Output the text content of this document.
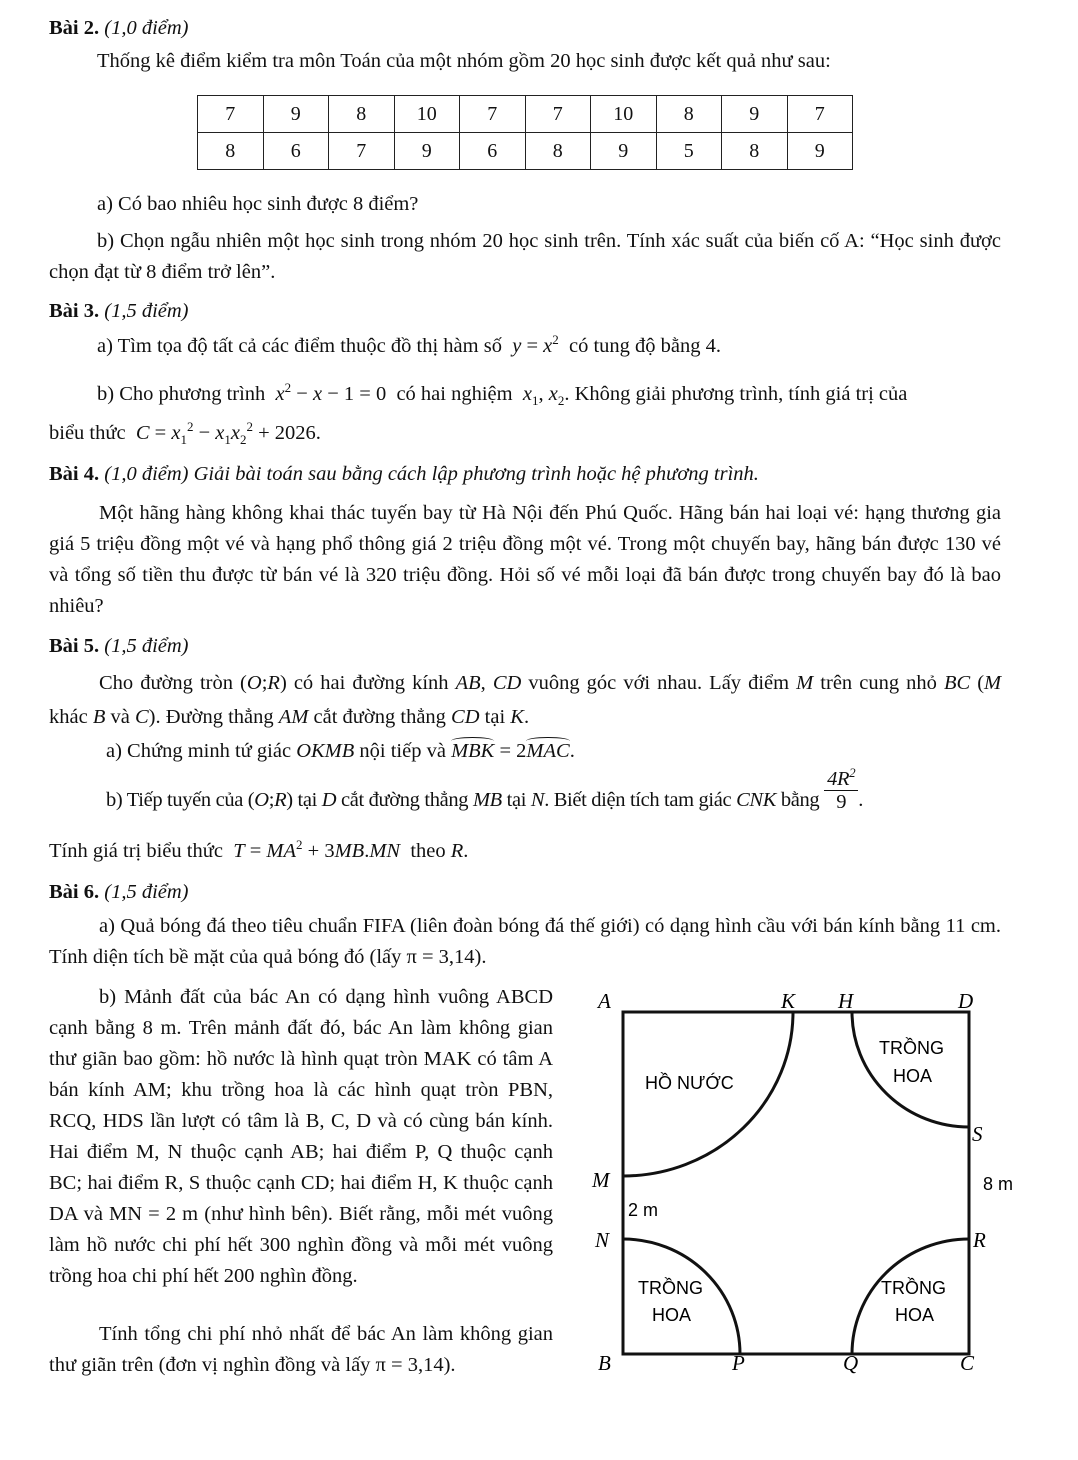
Bài 2. (1,0 điểm)
Thống kê điểm kiểm tra môn Toán của một nhóm gồm 20 học sinh được kết quả như sau:
7	9	8	10	7	7	10	8	9	7
8	6	7	9	6	8	9	5	8	9
a) Có bao nhiêu học sinh được 8 điểm?
b) Chọn ngẫu nhiên một học sinh trong nhóm 20 học sinh trên. Tính xác suất của biến cố A: “Học sinh được chọn đạt từ 8 điểm trở lên”.
Bài 3. (1,5 điểm)
a) Tìm tọa độ tất cả các điểm thuộc đồ thị hàm số $y = x^2$ có tung độ bằng 4.
b) Cho phương trình $x^2 - x - 1 = 0$  có hai nghiệm $x_1$, $x_2$. Không giải phương trình, tính giá trị của
biểu thức $C = x_1^2 - x_1x_2^2 + 2026$.
Bài 4. (1,0 điểm) Giải bài toán sau bằng cách lập phương trình hoặc hệ phương trình.
Một hãng hàng không khai thác tuyến bay từ Hà Nội đến Phú Quốc. Hãng bán hai loại vé: hạng thương gia giá 5 triệu đồng một vé và hạng phổ thông giá 2 triệu đồng một vé. Trong một chuyến bay, hãng bán được 130 vé và tổng số tiền thu được từ bán vé là 320 triệu đồng. Hỏi số vé mỗi loại đã bán được trong chuyến bay đó là bao nhiêu?
Bài 5. (1,5 điểm)
Cho đường tròn (O;R) có hai đường kính AB, CD vuông góc với nhau. Lấy điểm M trên cung nhỏ BC (M khác B và C). Đường thẳng AM cắt đường thẳng CD tại K.
a) Chứng minh tứ giác OKMB nội tiếp và MBK = 2MAC.
b) Tiếp tuyến của (O;R) tại D cắt đường thẳng MB tại N. Biết diện tích tam giác CNK bằng $\frac{4R^2}{9}$ .
Tính giá trị biểu thức $T = MA^2 + 3MB.MN$ theo R.
Bài 6. (1,5 điểm)
a) Quả bóng đá theo tiêu chuẩn FIFA (liên đoàn bóng đá thế giới) có dạng hình cầu với bán kính bằng 11 cm. Tính diện tích bề mặt của quả bóng đó (lấy π = 3,14).
b) Mảnh đất của bác An có dạng hình vuông ABCD cạnh bằng 8 m. Trên mảnh đất đó, bác An làm không gian thư giãn bao gồm: hồ nước là hình quạt tròn MAK có tâm A bán kính AM; khu trồng hoa là các hình quạt tròn PBN, RCQ, HDS lần lượt có tâm là B, C, D và có cùng bán kính. Hai điểm M, N thuộc cạnh AB; hai điểm P, Q thuộc cạnh BC; hai điểm R, S thuộc cạnh CD; hai điểm H, K thuộc cạnh DA và MN = 2 m (như hình bên). Biết rằng, mỗi mét vuông làm hồ nước chi phí hết 300 nghìn đồng và mỗi mét vuông trồng hoa chi phí hết 200 nghìn đồng.
Tính tổng chi phí nhỏ nhất để bác An làm không gian thư giãn trên (đơn vị nghìn đồng và lấy π = 3,14).
A	K H	D
S
M
N	R
B	P	Q	C
8 m
2 m
HỒ NƯỚC
TRỒNG
HOA
TRỒNG
HOA
TRỒNG
HOA
